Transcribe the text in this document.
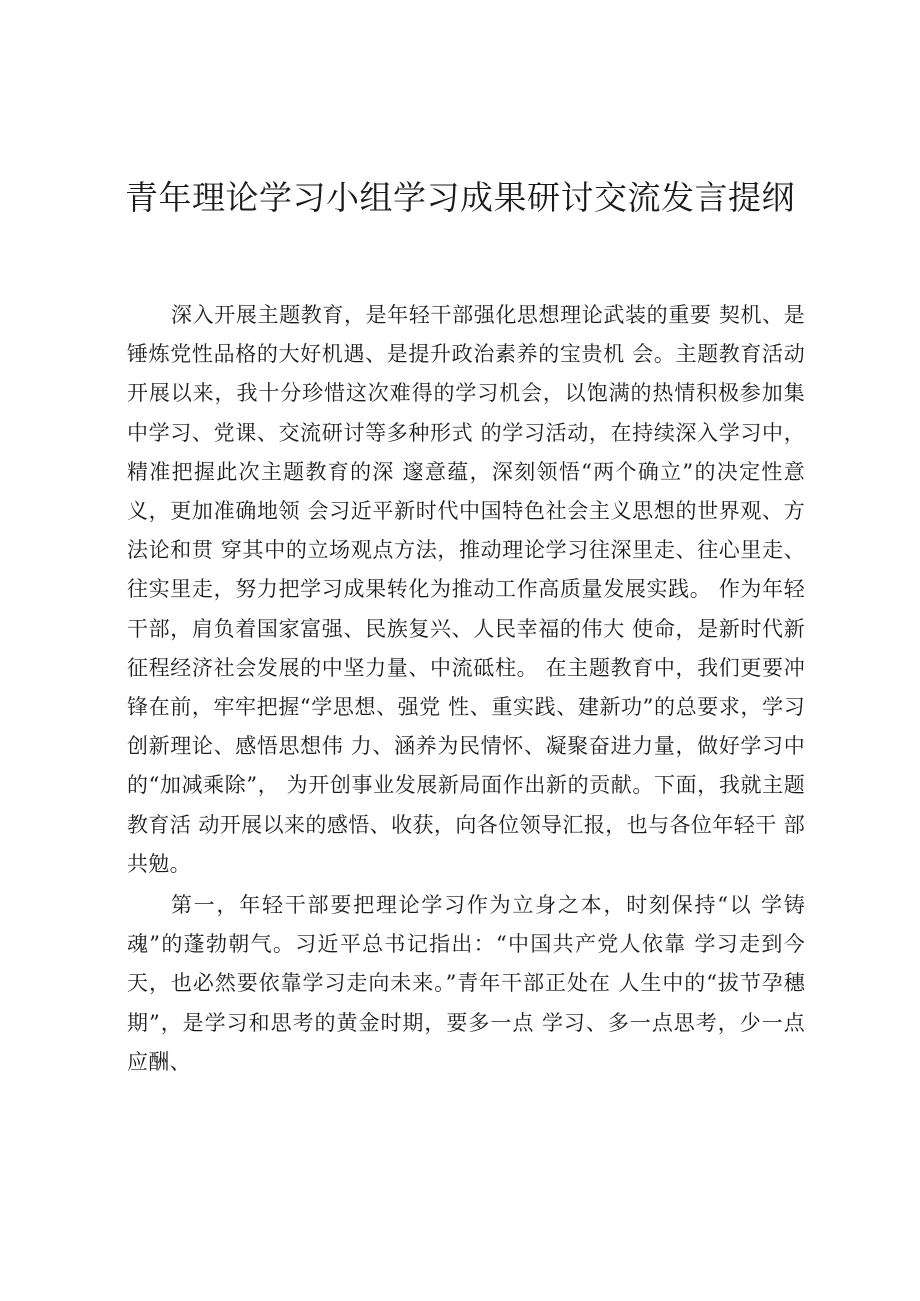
青年理论学习小组学习成果研讨交流发言提纲

深入开展主题教育，是年轻干部强化思想理论武装的重要 契机、是锤炼党性品格的大好机遇、是提升政治素养的宝贵机 会。主题教育活动开展以来，我十分珍惜这次难得的学习机会，以饱满的热情积极参加集中学习、党课、交流研讨等多种形式 的学习活动，在持续深入学习中，精准把握此次主题教育的深 邃意蕴，深刻领悟“两个确立”的决定性意义，更加准确地领 会习近平新时代中国特色社会主义思想的世界观、方法论和贯 穿其中的立场观点方法，推动理论学习往深里走、往心里走、 往实里走，努力把学习成果转化为推动工作高质量发展实践。 作为年轻干部，肩负着国家富强、民族复兴、人民幸福的伟大 使命，是新时代新征程经济社会发展的中坚力量、中流砥柱。 在主题教育中，我们更要冲锋在前，牢牢把握“学思想、强党 性、重实践、建新功”的总要求，学习创新理论、感悟思想伟 力、涵养为民情怀、凝聚奋进力量，做好学习中的“加减乘除”， 为开创事业发展新局面作出新的贡献。下面，我就主题教育活 动开展以来的感悟、收获，向各位领导汇报，也与各位年轻干 部共勉。

第一，年轻干部要把理论学习作为立身之本，时刻保持“以 学铸魂”的蓬勃朝气。习近平总书记指出：“中国共产党人依靠 学习走到今天，也必然要依靠学习走向未来。”青年干部正处在 人生中的“拔节孕穗期”，是学习和思考的黄金时期，要多一点 学习、多一点思考，少一点应酬、
